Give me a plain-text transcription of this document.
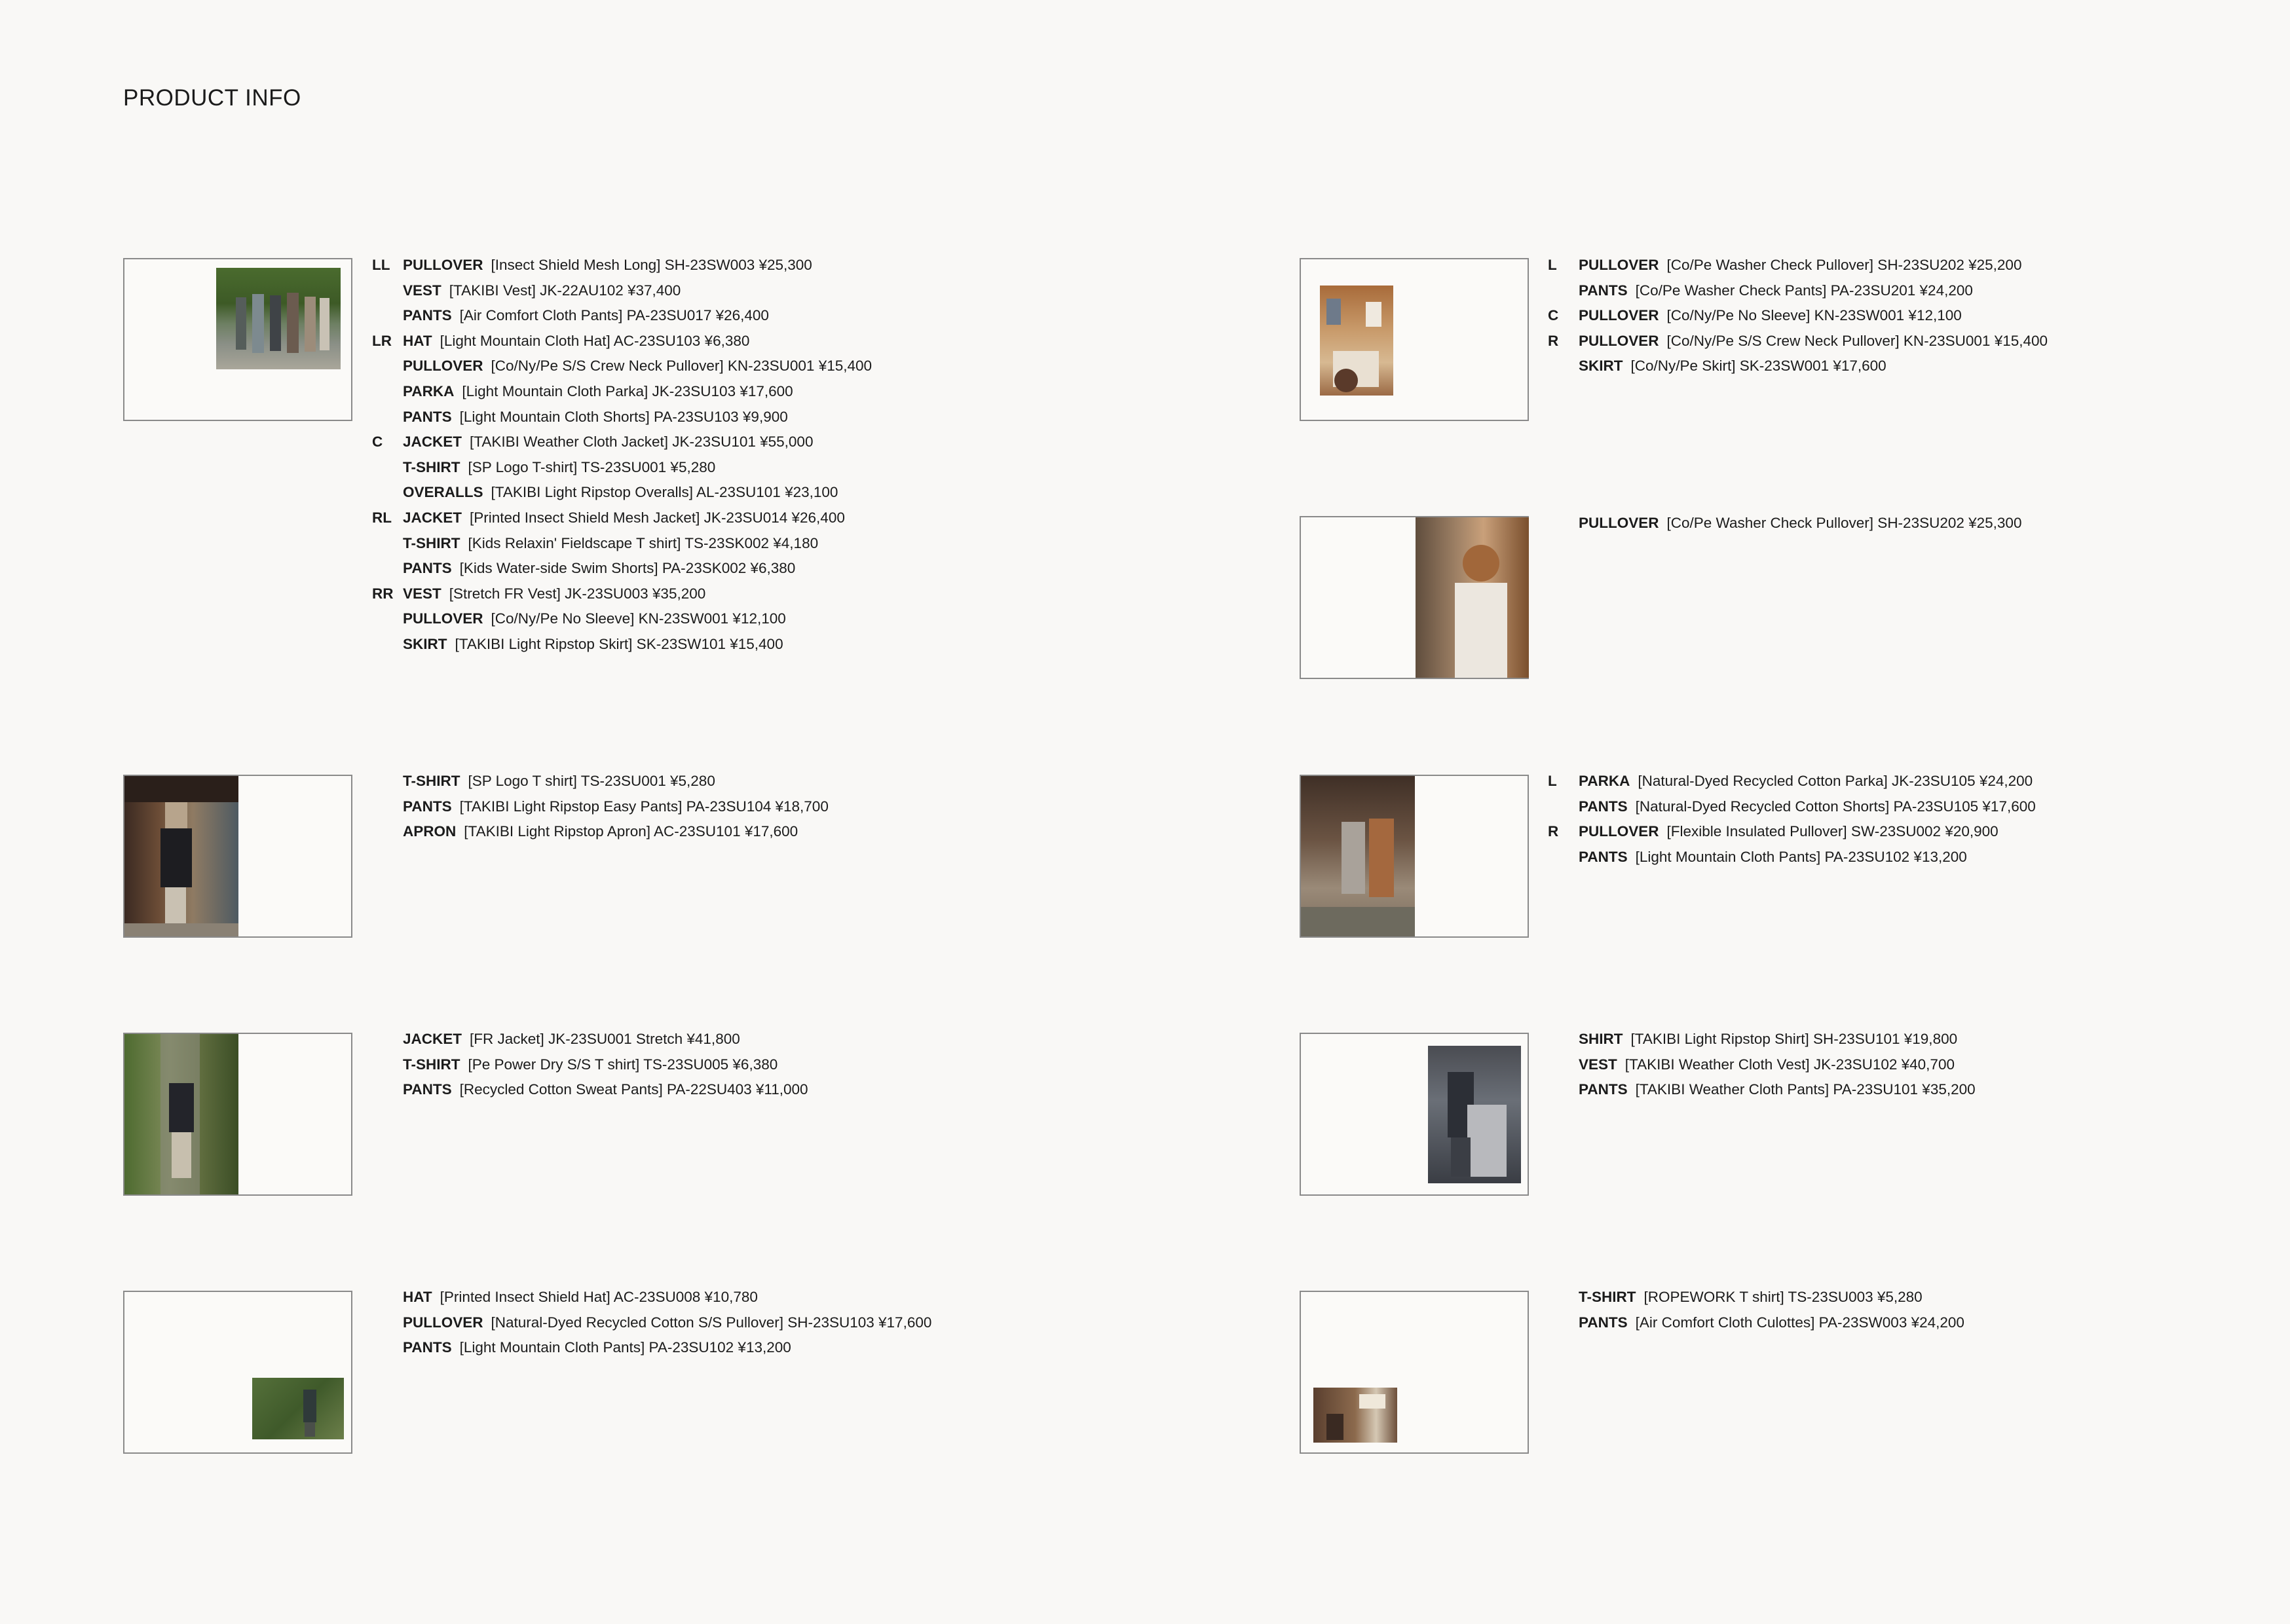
PRODUCT INFO
LL PULLOVER [Insect Shield Mesh Long] SH-23SW003 ¥25,300
VEST [TAKIBI Vest] JK-22AU102 ¥37,400
PANTS [Air Comfort Cloth Pants] PA-23SU017 ¥26,400
LR HAT [Light Mountain Cloth Hat] AC-23SU103 ¥6,380
PULLOVER [Co/Ny/Pe S/S Crew Neck Pullover] KN-23SU001 ¥15,400
PARKA [Light Mountain Cloth Parka] JK-23SU103 ¥17,600
PANTS [Light Mountain Cloth Shorts] PA-23SU103 ¥9,900
C	JACKET [TAKIBI Weather Cloth Jacket] JK-23SU101 ¥55,000
T-SHIRT [SP Logo T-shirt] TS-23SU001 ¥5,280
OVERALLS [TAKIBI Light Ripstop Overalls] AL-23SU101 ¥23,100
RL JACKET [Printed Insect Shield Mesh Jacket] JK-23SU014 ¥26,400
T-SHIRT [Kids Relaxin' Fieldscape T shirt] TS-23SK002 ¥4,180
PANTS [Kids Water-side Swim Shorts] PA-23SK002 ¥6,380
RR VEST [Stretch FR Vest] JK-23SU003 ¥35,200
PULLOVER [Co/Ny/Pe No Sleeve] KN-23SW001 ¥12,100
SKIRT [TAKIBI Light Ripstop Skirt] SK-23SW101 ¥15,400
T-SHIRT [SP Logo T shirt] TS-23SU001 ¥5,280
PANTS [TAKIBI Light Ripstop Easy Pants] PA-23SU104 ¥18,700
APRON [TAKIBI Light Ripstop Apron] AC-23SU101 ¥17,600
JACKET [FR Jacket] JK-23SU001 Stretch ¥41,800
T-SHIRT [Pe Power Dry S/S T shirt] TS-23SU005 ¥6,380
PANTS [Recycled Cotton Sweat Pants] PA-22SU403 ¥11,000
HAT [Printed Insect Shield Hat] AC-23SU008 ¥10,780
PULLOVER [Natural-Dyed Recycled Cotton S/S Pullover] SH-23SU103 ¥17,600
PANTS [Light Mountain Cloth Pants] PA-23SU102 ¥13,200
L	PULLOVER [Co/Pe Washer Check Pullover] SH-23SU202 ¥25,200
PANTS [Co/Pe Washer Check Pants] PA-23SU201 ¥24,200
C	PULLOVER [Co/Ny/Pe No Sleeve] KN-23SW001 ¥12,100
R	PULLOVER [Co/Ny/Pe S/S Crew Neck Pullover] KN-23SU001 ¥15,400
SKIRT [Co/Ny/Pe Skirt] SK-23SW001 ¥17,600
PULLOVER [Co/Pe Washer Check Pullover] SH-23SU202 ¥25,300
L	PARKA [Natural-Dyed Recycled Cotton Parka] JK-23SU105 ¥24,200
PANTS [Natural-Dyed Recycled Cotton Shorts] PA-23SU105 ¥17,600
R	PULLOVER [Flexible Insulated Pullover] SW-23SU002 ¥20,900
PANTS [Light Mountain Cloth Pants] PA-23SU102 ¥13,200
SHIRT [TAKIBI Light Ripstop Shirt] SH-23SU101 ¥19,800
VEST [TAKIBI Weather Cloth Vest] JK-23SU102 ¥40,700
PANTS [TAKIBI Weather Cloth Pants] PA-23SU101 ¥35,200
T-SHIRT [ROPEWORK T shirt] TS-23SU003 ¥5,280
PANTS [Air Comfort Cloth Culottes] PA-23SW003 ¥24,200
